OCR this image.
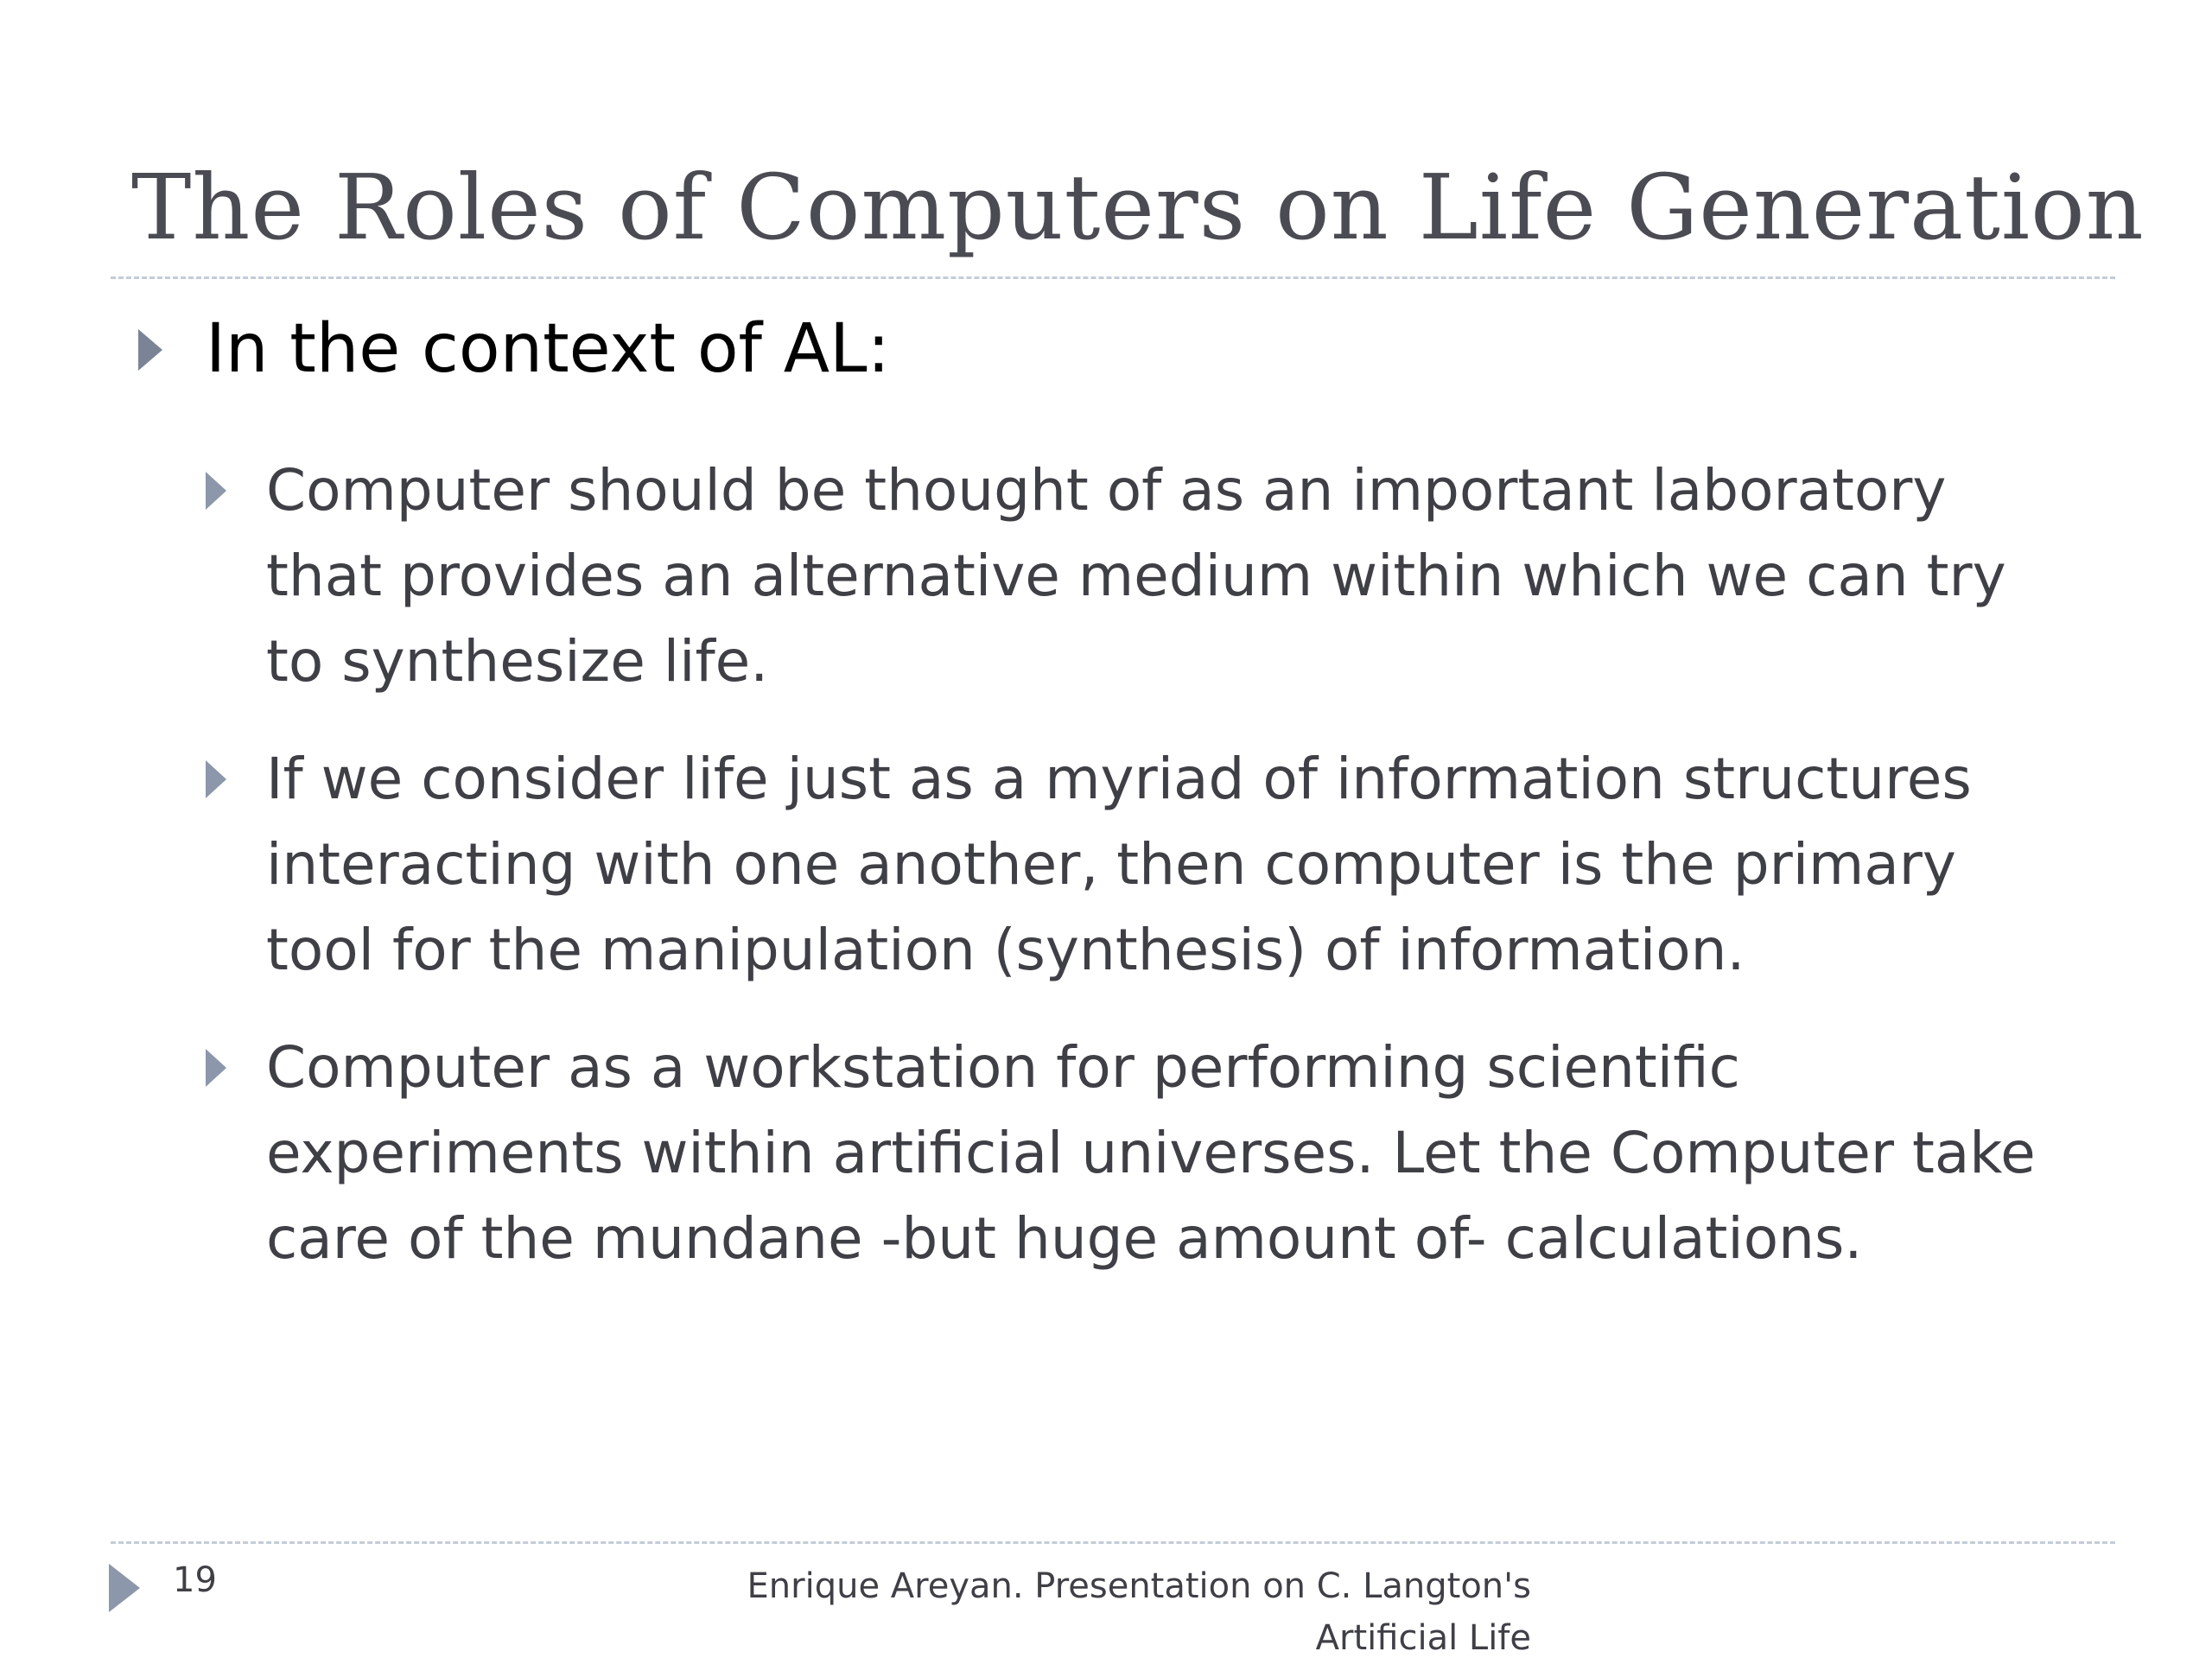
The Roles of Computers on Life Generation
In the context of AL:
Computer should be thought of as an important laboratory
that provides an alternative medium within which we can try
to synthesize life.
If we consider life just as a myriad of information structures
interacting with one another, then computer is the primary
tool for the manipulation (synthesis) of information.
Computer as a workstation for performing scientific
experiments within artificial universes. Let the Computer take
care of the mundane -but huge amount of- calculations.
19	Enrique Areyan. Presentation on C. Langton's
Artificial Life
